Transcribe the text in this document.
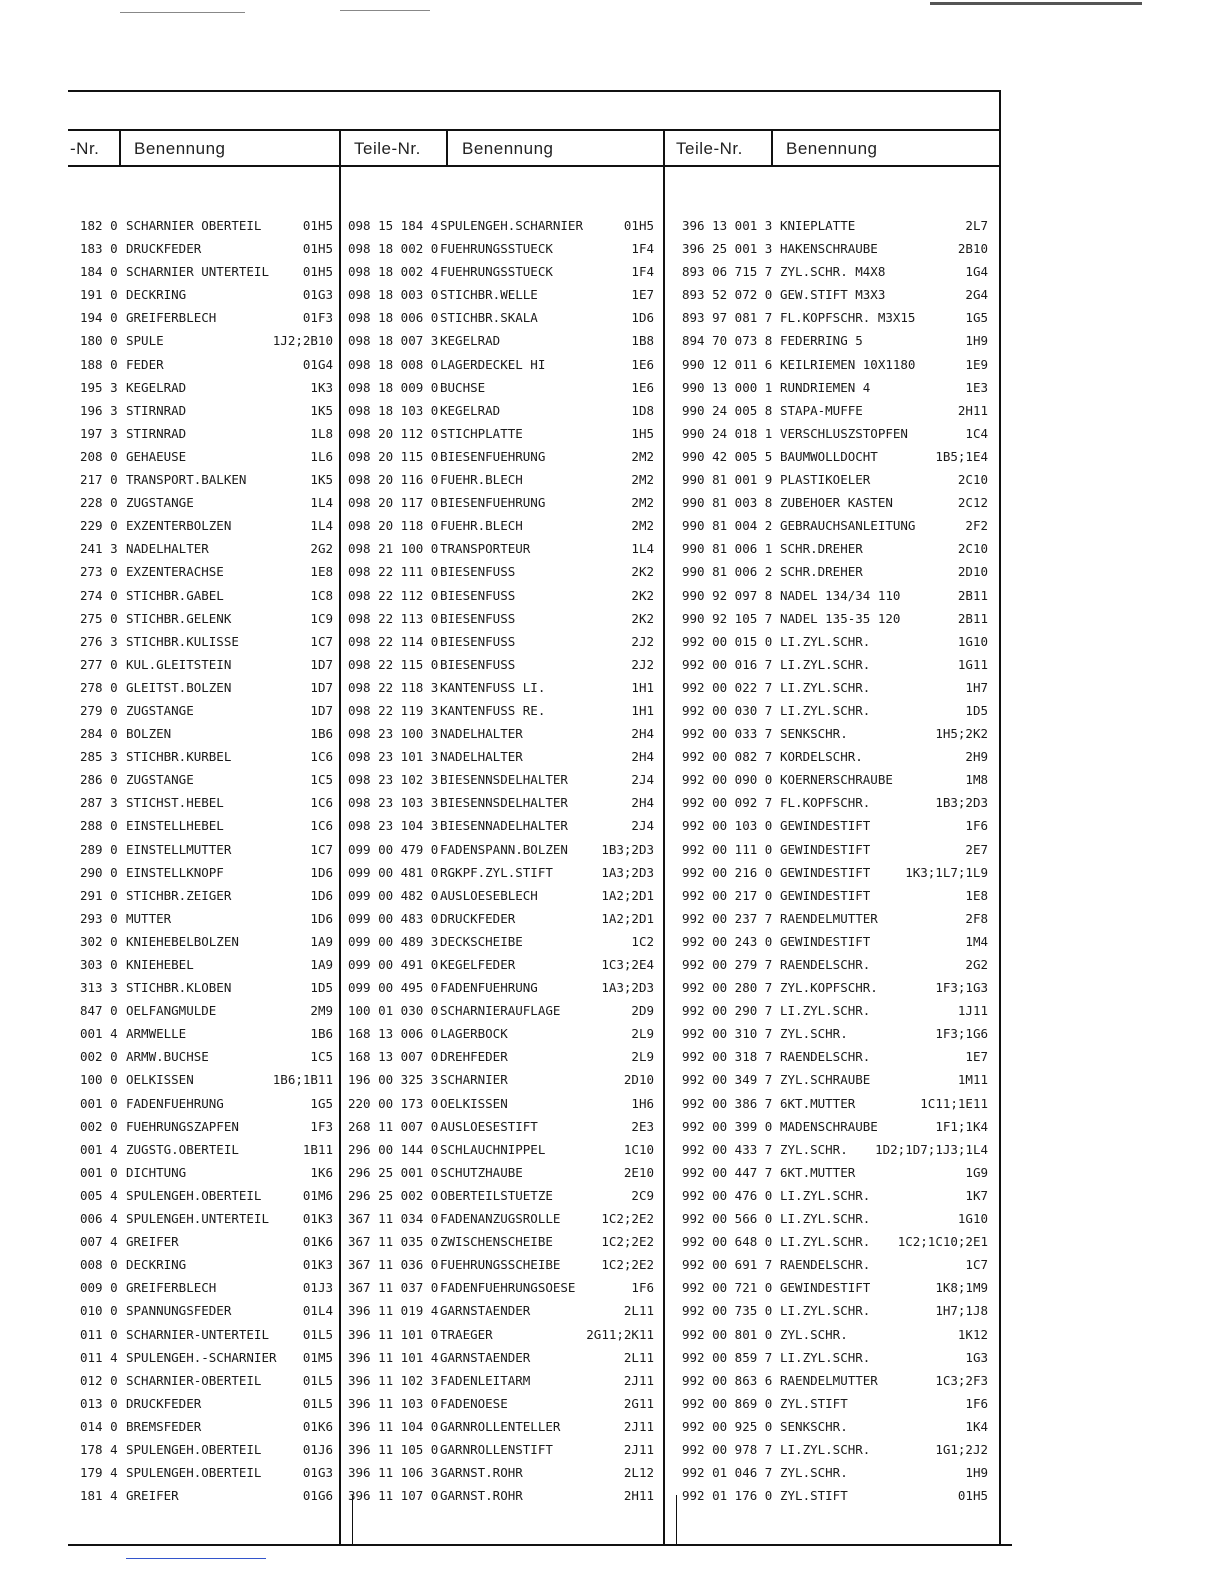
-Nr. Benennung	Teile-Nr. Benennung	Teile-Nr.	Benennung
182 0 SCHARNIER OBERTEIL	01H5
183 0 DRUCKFEDER	01H5
184 0 SCHARNIER UNTERTEIL	01H5
191 0 DECKRING	01G3
194 0 GREIFERBLECH	01F3
180 0 SPULE	1J2;2B10
188 0 FEDER	01G4
195 3 KEGELRAD	1K3
196 3 STIRNRAD	1K5
197 3 STIRNRAD	1L8
208 0 GEHAEUSE	1L6
217 0 TRANSPORT.BALKEN	1K5
228 0 ZUGSTANGE	1L4
229 0 EXZENTERBOLZEN	1L4
241 3 NADELHALTER	2G2
273 0 EXZENTERACHSE	1E8
274 0 STICHBR.GABEL	1C8
275 0 STICHBR.GELENK	1C9
276 3 STICHBR.KULISSE	1C7
277 0 KUL.GLEITSTEIN	1D7
278 0 GLEITST.BOLZEN	1D7
279 0 ZUGSTANGE	1D7
284 0 BOLZEN	1B6
285 3 STICHBR.KURBEL	1C6
286 0 ZUGSTANGE	1C5
287 3 STICHST.HEBEL	1C6
288 0 EINSTELLHEBEL	1C6
289 0 EINSTELLMUTTER	1C7
290 0 EINSTELLKNOPF	1D6
291 0 STICHBR.ZEIGER	1D6
293 0 MUTTER	1D6
302 0 KNIEHEBELBOLZEN	1A9
303 0 KNIEHEBEL	1A9
313 3 STICHBR.KLOBEN	1D5
847 0 OELFANGMULDE	2M9
001 4 ARMWELLE	1B6
002 0 ARMW.BUCHSE	1C5
100 0 OELKISSEN	1B6;1B11
001 0 FADENFUEHRUNG	1G5
002 0 FUEHRUNGSZAPFEN	1F3
001 4 ZUGSTG.OBERTEIL	1B11
001 0 DICHTUNG	1K6
005 4 SPULENGEH.OBERTEIL	01M6
006 4 SPULENGEH.UNTERTEIL	01K3
007 4 GREIFER	01K6
008 0 DECKRING	01K3
009 0 GREIFERBLECH	01J3
010 0 SPANNUNGSFEDER	01L4
011 0 SCHARNIER-UNTERTEIL	01L5
011 4 SPULENGEH.-SCHARNIER 01M5
012 0 SCHARNIER-OBERTEIL	01L5
013 0 DRUCKFEDER	01L5
014 0 BREMSFEDER	01K6
178 4 SPULENGEH.OBERTEIL	01J6
179 4 SPULENGEH.OBERTEIL	01G3
181 4 GREIFER	01G6
098 15 184 4 SPULENGEH.SCHARNIER	01H5
098 18 002 0 FUEHRUNGSSTUECK	1F4
098 18 002 4 FUEHRUNGSSTUECK	1F4
098 18 003 0 STICHBR.WELLE	1E7
098 18 006 0 STICHBR.SKALA	1D6
098 18 007 3 KEGELRAD	1B8
098 18 008 0 LAGERDECKEL HI	1E6
098 18 009 0 BUCHSE	1E6
098 18 103 0 KEGELRAD	1D8
098 20 112 0 STICHPLATTE	1H5
098 20 115 0 BIESENFUEHRUNG	2M2
098 20 116 0 FUEHR.BLECH	2M2
098 20 117 0 BIESENFUEHRUNG	2M2
098 20 118 0 FUEHR.BLECH	2M2
098 21 100 0 TRANSPORTEUR	1L4
098 22 111 0 BIESENFUSS	2K2
098 22 112 0 BIESENFUSS	2K2
098 22 113 0 BIESENFUSS	2K2
098 22 114 0 BIESENFUSS	2J2
098 22 115 0 BIESENFUSS	2J2
098 22 118 3 KANTENFUSS LI.	1H1
098 22 119 3 KANTENFUSS RE.	1H1
098 23 100 3 NADELHALTER	2H4
098 23 101 3 NADELHALTER	2H4
098 23 102 3 BIESENNSDELHALTER	2J4
098 23 103 3 BIESENNSDELHALTER	2H4
098 23 104 3 BIESENNADELHALTER	2J4
099 00 479 0 FADENSPANN.BOLZEN	1B3;2D3
099 00 481 0 RGKPF.ZYL.STIFT	1A3;2D3
099 00 482 0 AUSLOESEBLECH	1A2;2D1
099 00 483 0 DRUCKFEDER	1A2;2D1
099 00 489 3 DECKSCHEIBE	1C2
099 00 491 0 KEGELFEDER	1C3;2E4
099 00 495 0 FADENFUEHRUNG	1A3;2D3
100 01 030 0 SCHARNIERAUFLAGE	2D9
168 13 006 0 LAGERBOCK	2L9
168 13 007 0 DREHFEDER	2L9
196 00 325 3 SCHARNIER	2D10
220 00 173 0 OELKISSEN	1H6
268 11 007 0 AUSLOESESTIFT	2E3
296 00 144 0 SCHLAUCHNIPPEL	1C10
296 25 001 0 SCHUTZHAUBE	2E10
296 25 002 0 OBERTEILSTUETZE	2C9
367 11 034 0 FADENANZUGSROLLE	1C2;2E2
367 11 035 0 ZWISCHENSCHEIBE	1C2;2E2
367 11 036 0 FUEHRUNGSSCHEIBE	1C2;2E2
367 11 037 0 FADENFUEHRUNGSOESE	1F6
396 11 019 4 GARNSTAENDER	2L11
396 11 101 0 TRAEGER	2G11;2K11
396 11 101 4 GARNSTAENDER	2L11
396 11 102 3 FADENLEITARM	2J11
396 11 103 0 FADENOESE	2G11
396 11 104 0 GARNROLLENTELLER	2J11
396 11 105 0 GARNROLLENSTIFT	2J11
396 11 106 3 GARNST.ROHR	2L12
396 11 107 0 GARNST.ROHR	2H11
396 13 001 3 KNIEPLATTE	2L7
396 25 001 3 HAKENSCHRAUBE	2B10
893 06 715 7 ZYL.SCHR. M4X8	1G4
893 52 072 0 GEW.STIFT M3X3	2G4
893 97 081 7 FL.KOPFSCHR. M3X15	1G5
894 70 073 8 FEDERRING 5	1H9
990 12 011 6 KEILRIEMEN 10X1180	1E9
990 13 000 1 RUNDRIEMEN 4	1E3
990 24 005 8 STAPA-MUFFE	2H11
990 24 018 1 VERSCHLUSZSTOPFEN	1C4
990 42 005 5 BAUMWOLLDOCHT	1B5;1E4
990 81 001 9 PLASTIKOELER	2C10
990 81 003 8 ZUBEHOER KASTEN	2C12
990 81 004 2 GEBRAUCHSANLEITUNG	2F2
990 81 006 1 SCHR.DREHER	2C10
990 81 006 2 SCHR.DREHER	2D10
990 92 097 8 NADEL 134/34 110	2B11
990 92 105 7 NADEL 135-35 120	2B11
992 00 015 0 LI.ZYL.SCHR.	1G10
992 00 016 7 LI.ZYL.SCHR.	1G11
992 00 022 7 LI.ZYL.SCHR.	1H7
992 00 030 7 LI.ZYL.SCHR.	1D5
992 00 033 7 SENKSCHR.	1H5;2K2
992 00 082 7 KORDELSCHR.	2H9
992 00 090 0 KOERNERSCHRAUBE	1M8
992 00 092 7 FL.KOPFSCHR.	1B3;2D3
992 00 103 0 GEWINDESTIFT	1F6
992 00 111 0 GEWINDESTIFT	2E7
992 00 216 0 GEWINDESTIFT	1K3;1L7;1L9
992 00 217 0 GEWINDESTIFT	1E8
992 00 237 7 RAENDELMUTTER	2F8
992 00 243 0 GEWINDESTIFT	1M4
992 00 279 7 RAENDELSCHR.	2G2
992 00 280 7 ZYL.KOPFSCHR.	1F3;1G3
992 00 290 7 LI.ZYL.SCHR.	1J11
992 00 310 7 ZYL.SCHR.	1F3;1G6
992 00 318 7 RAENDELSCHR.	1E7
992 00 349 7 ZYL.SCHRAUBE	1M11
992 00 386 7 6KT.MUTTER	1C11;1E11
992 00 399 0 MADENSCHRAUBE	1F1;1K4
992 00 433 7 ZYL.SCHR. 1D2;1D7;1J3;1L4
992 00 447 7 6KT.MUTTER	1G9
992 00 476 0 LI.ZYL.SCHR.	1K7
992 00 566 0 LI.ZYL.SCHR.	1G10
992 00 648 0 LI.ZYL.SCHR. 1C2;1C10;2E1
992 00 691 7 RAENDELSCHR.	1C7
992 00 721 0 GEWINDESTIFT	1K8;1M9
992 00 735 0 LI.ZYL.SCHR.	1H7;1J8
992 00 801 0 ZYL.SCHR.	1K12
992 00 859 7 LI.ZYL.SCHR.	1G3
992 00 863 6 RAENDELMUTTER	1C3;2F3
992 00 869 0 ZYL.STIFT	1F6
992 00 925 0 SENKSCHR.	1K4
992 00 978 7 LI.ZYL.SCHR.	1G1;2J2
992 01 046 7 ZYL.SCHR.	1H9
992 01 176 0 ZYL.STIFT	01H5
